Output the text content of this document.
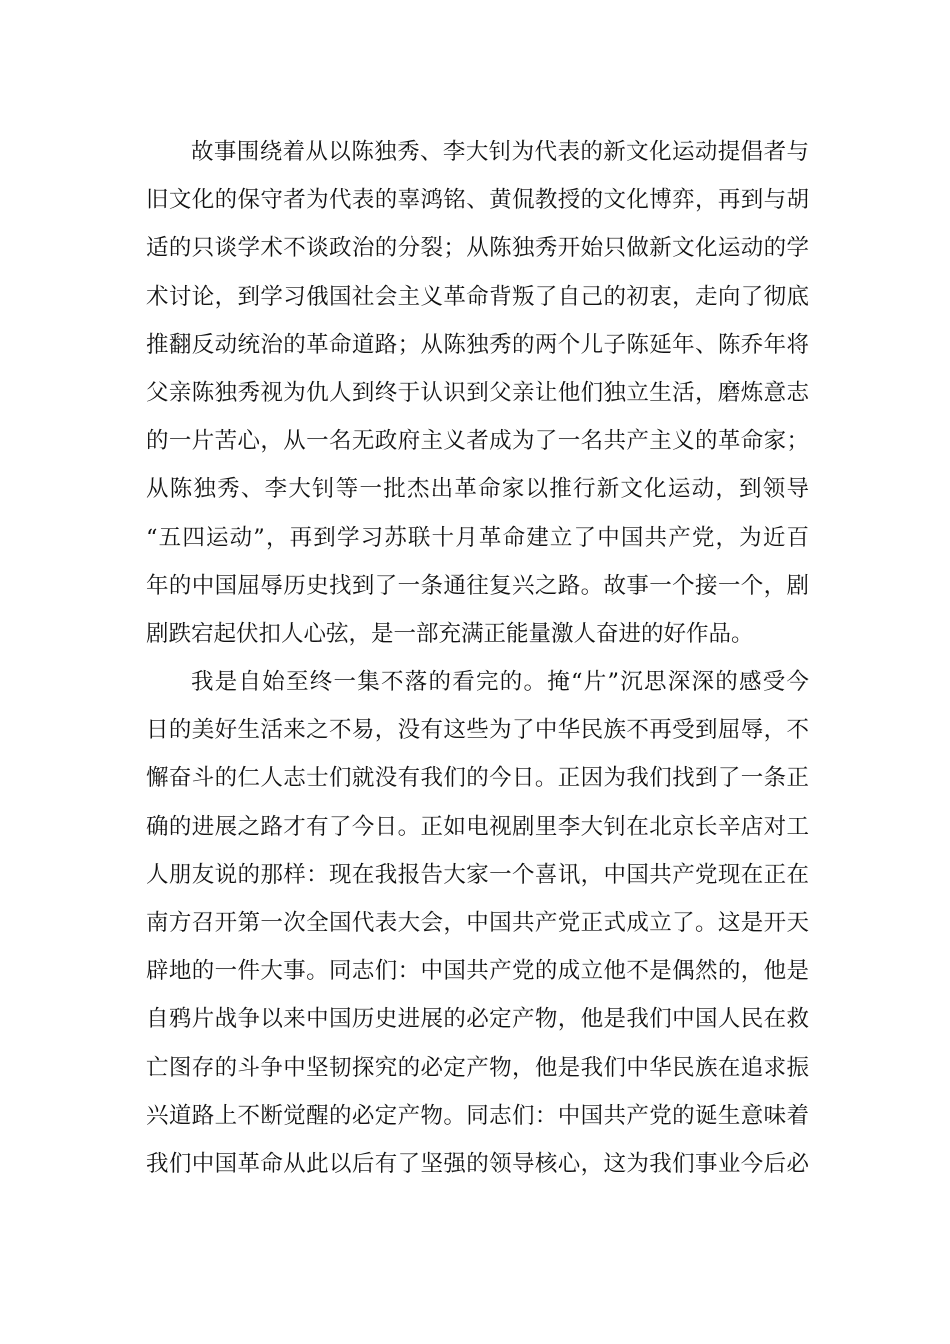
故事围绕着从以陈独秀、李大钊为代表的新文化运动提倡者与
旧文化的保守者为代表的辜鸿铭、黄侃教授的文化博弈，再到与胡
适的只谈学术不谈政治的分裂；从陈独秀开始只做新文化运动的学
术讨论，到学习俄国社会主义革命背叛了自己的初衷，走向了彻底
推翻反动统治的革命道路；从陈独秀的两个儿子陈延年、陈乔年将
父亲陈独秀视为仇人到终于认识到父亲让他们独立生活，磨炼意志
的一片苦心，从一名无政府主义者成为了一名共产主义的革命家；
从陈独秀、李大钊等一批杰出革命家以推行新文化运动，到领导
“五四运动”，再到学习苏联十月革命建立了中国共产党，为近百
年的中国屈辱历史找到了一条通往复兴之路。故事一个接一个，剧
剧跌宕起伏扣人心弦，是一部充满正能量激人奋进的好作品。
我是自始至终一集不落的看完的。掩“片”沉思深深的感受今
日的美好生活来之不易，没有这些为了中华民族不再受到屈辱，不
懈奋斗的仁人志士们就没有我们的今日。正因为我们找到了一条正
确的进展之路才有了今日。正如电视剧里李大钊在北京长辛店对工
人朋友说的那样：现在我报告大家一个喜讯，中国共产党现在正在
南方召开第一次全国代表大会，中国共产党正式成立了。这是开天
辟地的一件大事。同志们：中国共产党的成立他不是偶然的，他是
自鸦片战争以来中国历史进展的必定产物，他是我们中国人民在救
亡图存的斗争中坚韧探究的必定产物，他是我们中华民族在追求振
兴道路上不断觉醒的必定产物。同志们：中国共产党的诞生意味着
我们中国革命从此以后有了坚强的领导核心，这为我们事业今后必
